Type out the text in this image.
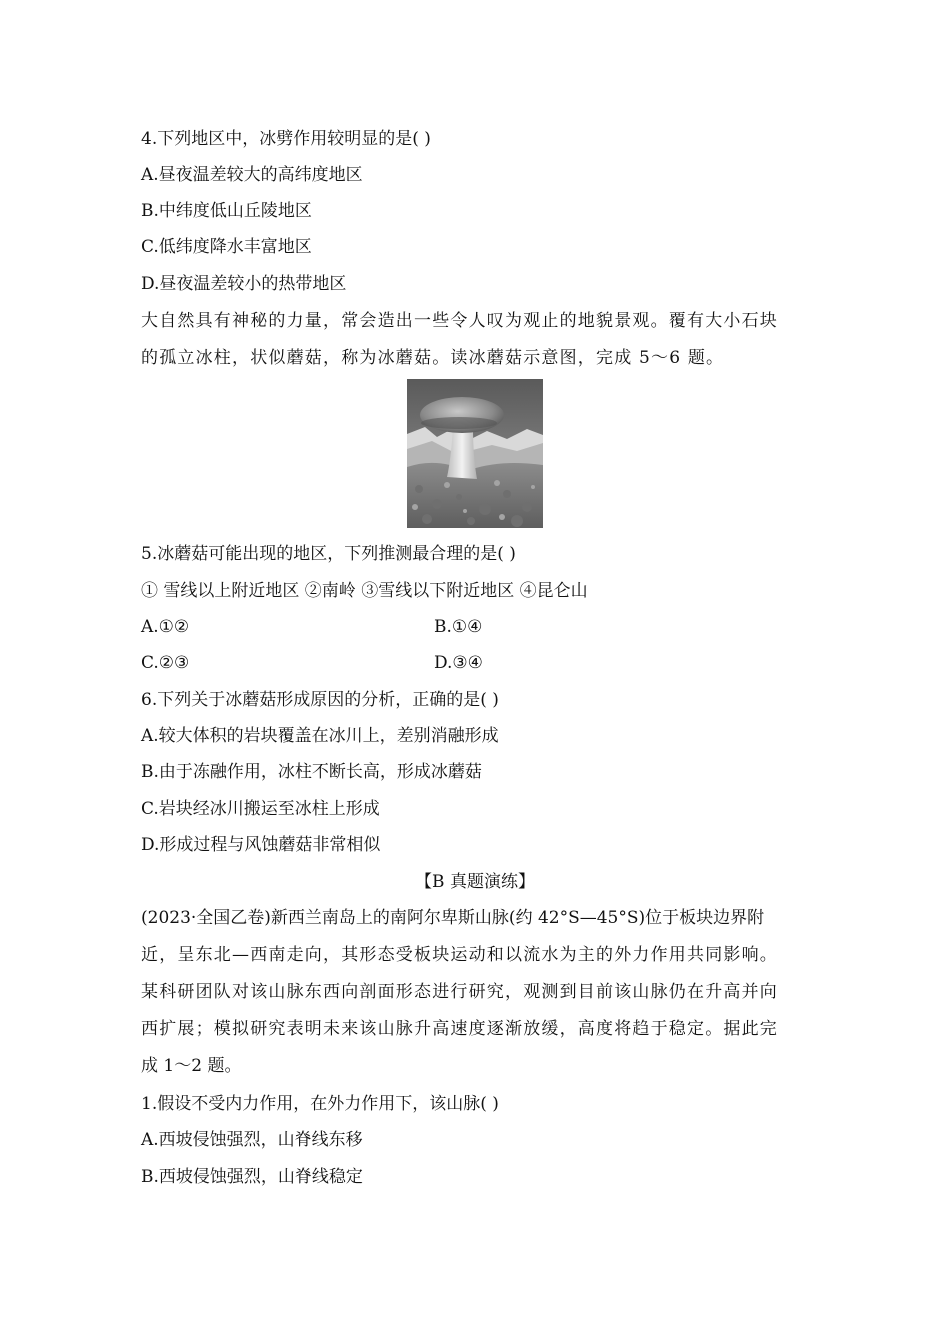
4.下列地区中，冰劈作用较明显的是( )
A.昼夜温差较大的高纬度地区
B.中纬度低山丘陵地区
C.低纬度降水丰富地区
D.昼夜温差较小的热带地区
大自然具有神秘的力量，常会造出一些令人叹为观止的地貌景观。覆有大小石块
的孤立冰柱，状似蘑菇，称为冰蘑菇。读冰蘑菇示意图，完成 5～6 题。
5.冰蘑菇可能出现的地区，下列推测最合理的是( )
① 雪线以上附近地区 ②南岭 ③雪线以下附近地区 ④昆仑山
A.①②	B.①④
C.②③	D.③④
6.下列关于冰蘑菇形成原因的分析，正确的是( )
A.较大体积的岩块覆盖在冰川上，差别消融形成
B.由于冻融作用，冰柱不断长高，形成冰蘑菇
C.岩块经冰川搬运至冰柱上形成
D.形成过程与风蚀蘑菇非常相似
【B 真题演练】
(2023·全国乙卷)新西兰南岛上的南阿尔卑斯山脉(约 42°S—45°S)位于板块边界附
近，呈东北—西南走向，其形态受板块运动和以流水为主的外力作用共同影响。
某科研团队对该山脉东西向剖面形态进行研究，观测到目前该山脉仍在升高并向
西扩展；模拟研究表明未来该山脉升高速度逐渐放缓，高度将趋于稳定。据此完
成 1～2 题。
1.假设不受内力作用，在外力作用下，该山脉( )
A.西坡侵蚀强烈，山脊线东移
B.西坡侵蚀强烈，山脊线稳定
